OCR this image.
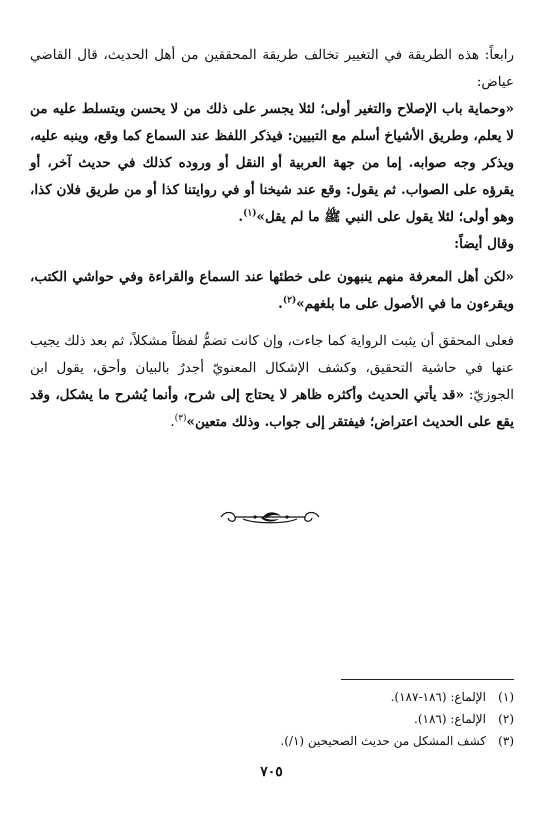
رابعاً: هذه الطريقة في التغيير تخالف طريقة المحققين من أهل الحديث، قال القاضي عياض:

«وحماية باب الإصلاح والتغير أولى؛ لئلا يجسر على ذلك من لا يحسن ويتسلط عليه من لا يعلم، وطريق الأشياخ أسلم مع التبيين: فيذكر اللفظ عند السماع كما وقع، وينبه عليه، ويذكر وجه صوابه. إما من جهة العربية أو النقل أو وروده كذلك في حديث آخر، أو يقرؤه على الصواب. ثم يقول: وقع عند شيخنا أو في روايتنا كذا أو من طريق فلان كذا، وهو أولى؛ لئلا يقول على النبي ﷺ ما لم يقل»$^{(١)}$.

وقال أيضاً:

«لكن أهل المعرفة منهم ينبهون على خطئها عند السماع والقراءة وفي حواشي الكتب، ويقرءون ما في الأصول على ما بلغهم»$^{(٢)}$.

فعلى المحقق أن يثبت الرواية كما جاءت، وإن كانت تضمُّ لفظاً مشكلاً، ثم بعد ذلك يجيب عنها في حاشية التحقيق، وكشف الإشكال المعنويّ أجدرُ بالبيان وأحق، يقول ابن الجوزيّ: «قد يأتي الحديث وأكثره ظاهر لا يحتاج إلى شرح، وأنما يُشرح ما يشكل، وقد يقع على الحديث اعتراض؛ فيفتقر إلى جواب. وذلك متعين»$^{(٣)}$.

(١)
الإلماع: (١٨٦-١٨٧).
(٢)
الإلماع: (١٨٦).
(٣)
كشف المشكل من حديث الصحيحين (١/).
٧٠٥
